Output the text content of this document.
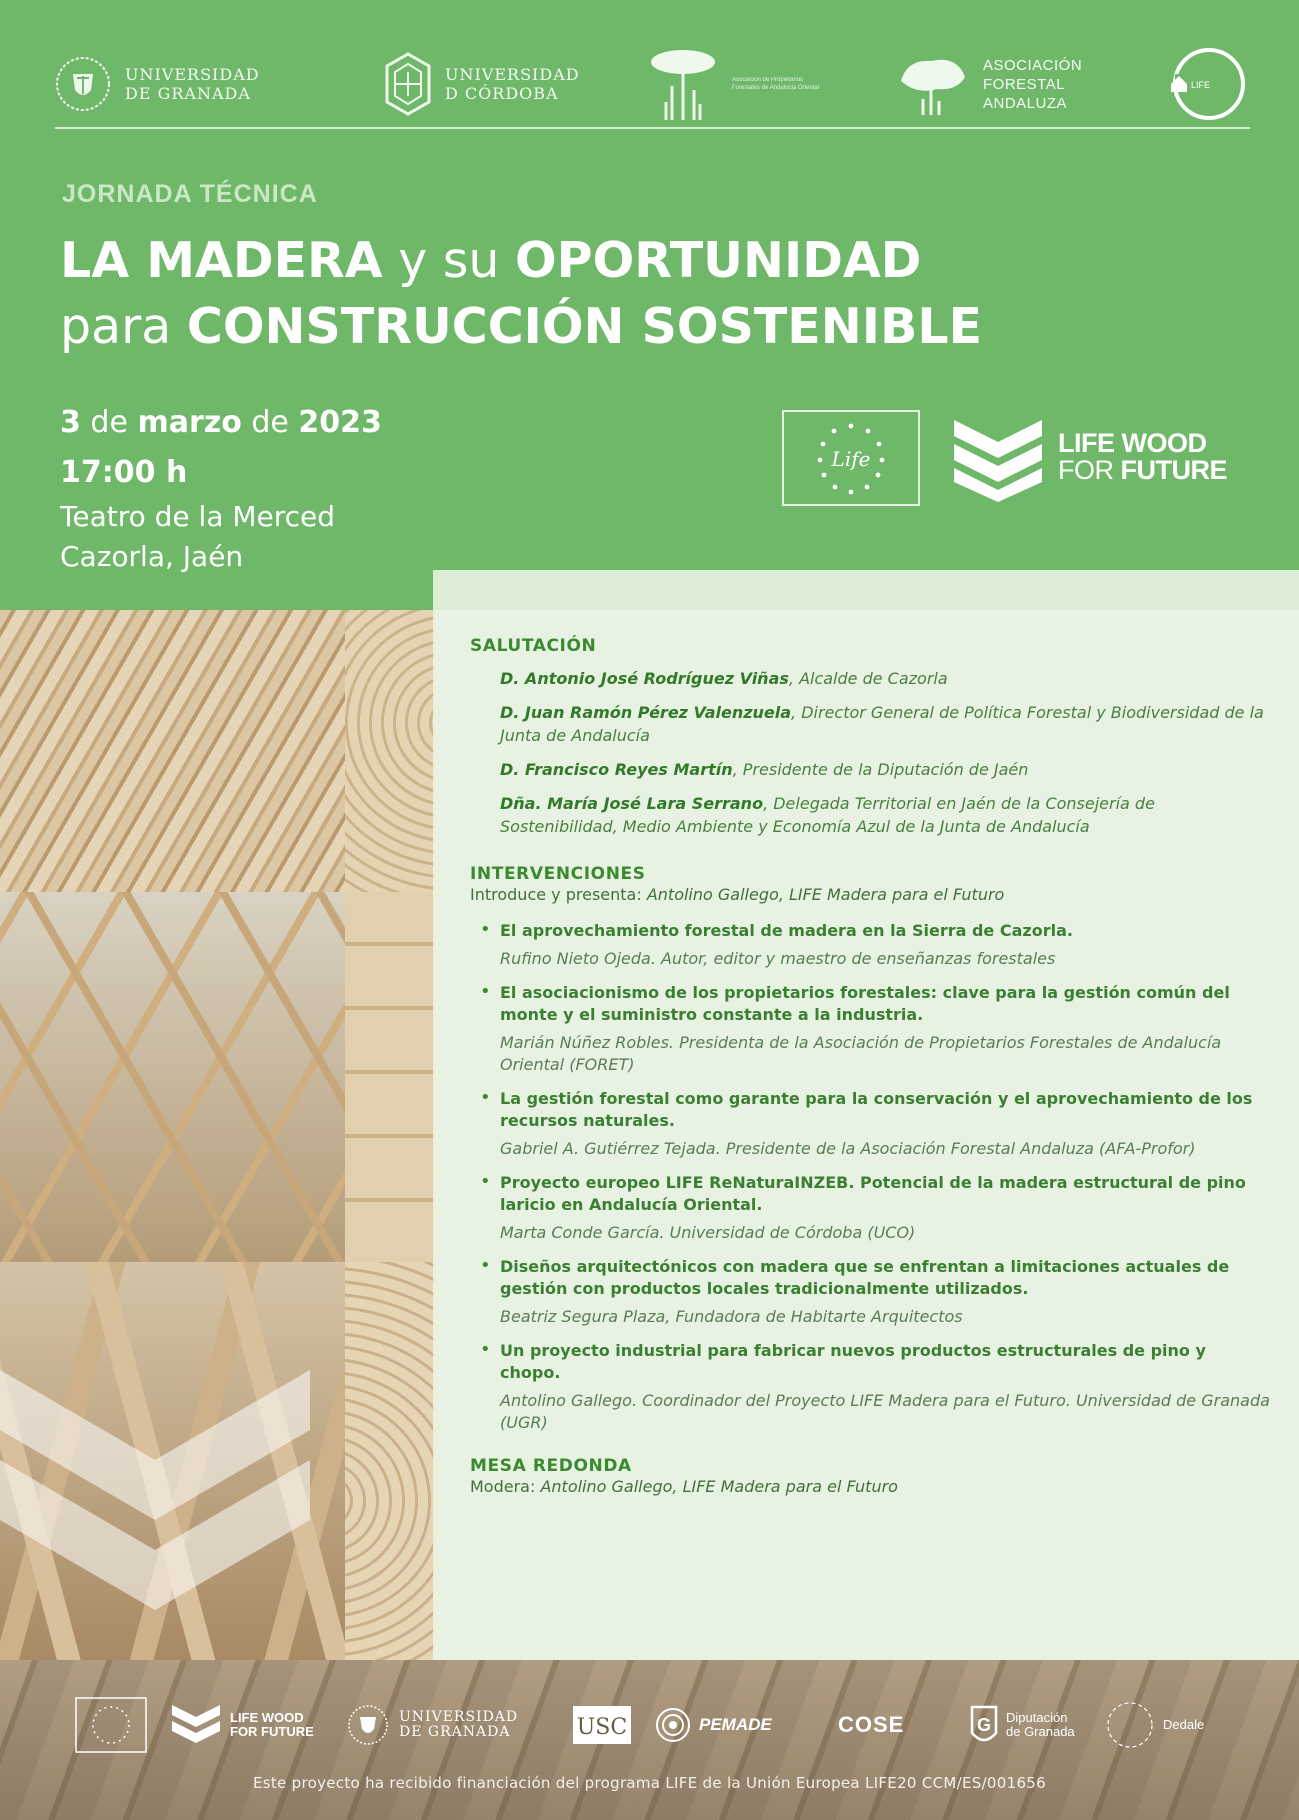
UNIVERSIDAD
DE GRANADA
UNIVERSIDAD
D CÓRDOBA
Asociación de Propietarios Forestales de Andalucía Oriental
ASOCIACIÓN
FORESTAL
ANDALUZA
LIFE
JORNADA TÉCNICA
LA MADERA y su OPORTUNIDAD
para CONSTRUCCIÓN SOSTENIBLE
3 de marzo de 2023
17:00 h
Teatro de la Merced
Cazorla, Jaén
Life
LIFE WOOD
FOR FUTURE
SALUTACIÓN
D. Antonio José Rodríguez Viñas, Alcalde de Cazorla
D. Juan Ramón Pérez Valenzuela, Director General de Política Forestal y Biodiversidad de la Junta de Andalucía
D. Francisco Reyes Martín, Presidente de la Diputación de Jaén
Dña. María José Lara Serrano, Delegada Territorial en Jaén de la Consejería de Sostenibilidad, Medio Ambiente y Economía Azul de la Junta de Andalucía
INTERVENCIONES
Introduce y presenta: Antolino Gallego, LIFE Madera para el Futuro
• El aprovechamiento forestal de madera en la Sierra de Cazorla.
Rufino Nieto Ojeda. Autor, editor y maestro de enseñanzas forestales
• El asociacionismo de los propietarios forestales: clave para la gestión común del monte y el suministro constante a la industria.
Marián Núñez Robles. Presidenta de la Asociación de Propietarios Forestales de Andalucía Oriental (FORET)
• La gestión forestal como garante para la conservación y el aprovechamiento de los recursos naturales.
Gabriel A. Gutiérrez Tejada. Presidente de la Asociación Forestal Andaluza (AFA-Profor)
• Proyecto europeo LIFE ReNaturaINZEB. Potencial de la madera estructural de pino laricio en Andalucía Oriental.
Marta Conde García. Universidad de Córdoba (UCO)
• Diseños arquitectónicos con madera que se enfrentan a limitaciones actuales de gestión con productos locales tradicionalmente utilizados.
Beatriz Segura Plaza, Fundadora de Habitarte Arquitectos
• Un proyecto industrial para fabricar nuevos productos estructurales de pino y chopo.
Antolino Gallego. Coordinador del Proyecto LIFE Madera para el Futuro. Universidad de Granada (UGR)
MESA REDONDA
Modera: Antolino Gallego, LIFE Madera para el Futuro
LIFE WOOD
FOR FUTURE
UNIVERSIDAD
DE GRANADA	USC	PEMADE	COSE	G Diputación
de Granada	Dedale
Este proyecto ha recibido financiación del programa LIFE de la Unión Europea LIFE20 CCM/ES/001656
